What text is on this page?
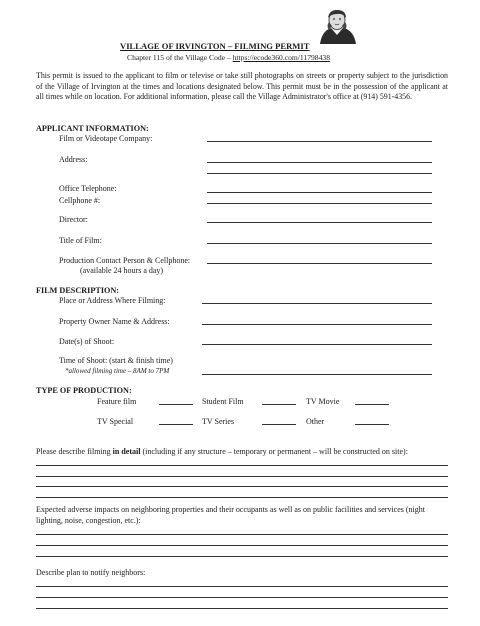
VILLAGE OF IRVINGTON – FILMING PERMIT
Chapter 115 of the Village Code – https://ecode360.com/11798438
This permit is issued to the applicant to film or televise or take still photographs on streets or property subject to the jurisdiction of the Village of Irvington at the times and locations designated below. This permit must be in the possession of the applicant at all times while on location. For additional information, please call the Village Administrator's office at (914) 591-4356.
APPLICANT INFORMATION:
Film or Videotape Company:
Address:
Office Telephone:
Cellphone #:
Director:
Title of Film:
Production Contact Person & Cellphone:
(available 24 hours a day)
FILM DESCRIPTION:
Place or Address Where Filming:
Property Owner Name & Address:
Date(s) of Shoot:
Time of Shoot: (start & finish time)
*allowed filming time – 8AM to 7PM
TYPE OF PRODUCTION:
Feature film	Student Film	TV Movie
TV Special	TV Series	Other
Please describe filming in detail (including if any structure – temporary or permanent – will be constructed on site):
Expected adverse impacts on neighboring properties and their occupants as well as on public facilities and services (night lighting, noise, congestion, etc.):
Describe plan to notify neighbors:
